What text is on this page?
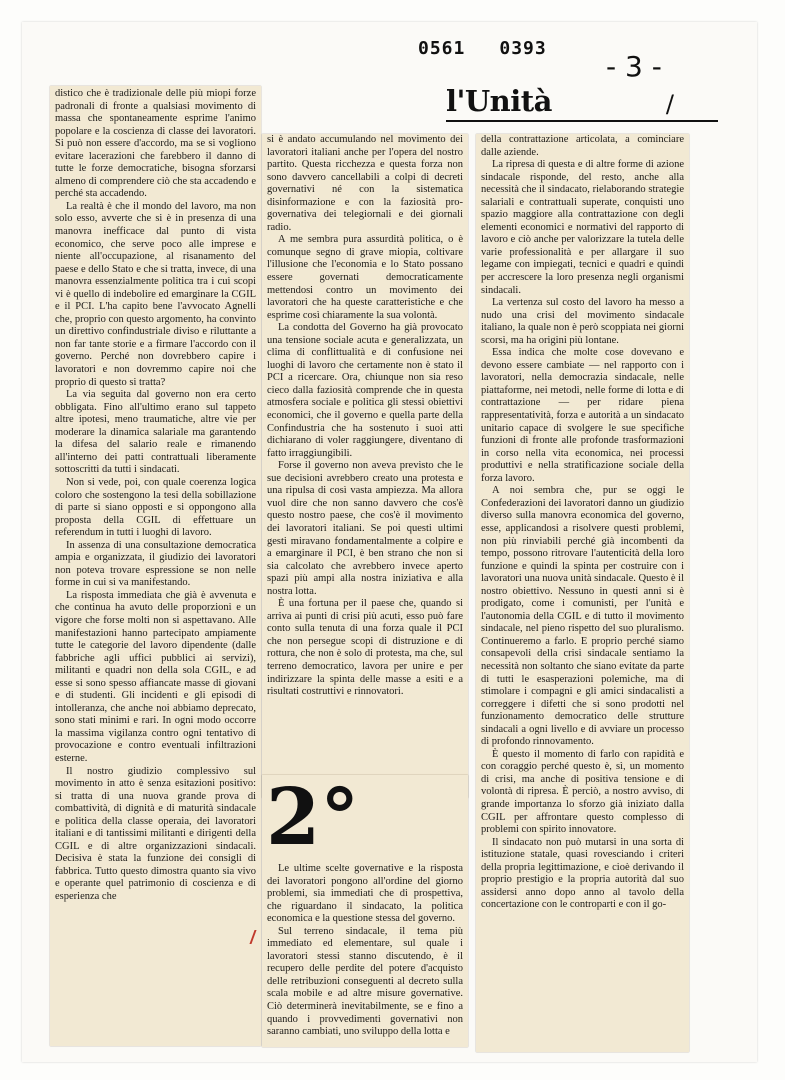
0561 0393
- 3 -
l'Unità	/

distico che è tradizionale delle più miopi forze padronali di fronte a qualsiasi movimento di massa che spontaneamente esprime l'animo popolare e la coscienza di classe dei lavoratori. Si può non essere d'accordo, ma se si vogliono evitare lacerazioni che farebbero il danno di tutte le forze democratiche, bisogna sforzarsi almeno di comprendere ciò che sta accadendo e perché sta accadendo.

La realtà è che il mondo del lavoro, ma non solo esso, avverte che si è in presenza di una manovra inefficace dal punto di vista economico, che serve poco alle imprese e niente all'occupazione, al risanamento del paese e dello Stato e che si tratta, invece, di una manovra essenzialmente politica tra i cui scopi vi è quello di indebolire ed emarginare la CGIL e il PCI. L'ha capito bene l'avvocato Agnelli che, proprio con questo argomento, ha convinto un direttivo confindustriale diviso e riluttante a non far tante storie e a firmare l'accordo con il governo. Perché non dovrebbero capire i lavoratori e non dovremmo capire noi che proprio di questo si tratta?

La via seguita dal governo non era certo obbligata. Fino all'ultimo erano sul tappeto altre ipotesi, meno traumatiche, altre vie per moderare la dinamica salariale ma garantendo la difesa del salario reale e rimanendo all'interno dei patti contrattuali liberamente sottoscritti da tutti i sindacati.

Non si vede, poi, con quale coerenza logica coloro che sostengono la tesi della sobillazione di parte si siano opposti e si oppongono alla proposta della CGIL di effettuare un referendum in tutti i luoghi di lavoro.

In assenza di una consultazione democratica ampia e organizzata, il giudizio dei lavoratori non poteva trovare espressione se non nelle forme in cui si va manifestando.

La risposta immediata che già è avvenuta e che continua ha avuto delle proporzioni e un vigore che forse molti non si aspettavano. Alle manifestazioni hanno partecipato ampiamente tutte le categorie del lavoro dipendente (dalle fabbriche agli uffici pubblici ai servizi), militanti e quadri non della sola CGIL, e ad esse si sono spesso affiancate masse di giovani e di studenti. Gli incidenti e gli episodi di intolleranza, che anche noi abbiamo deprecato, sono stati minimi e rari. In ogni modo occorre la massima vigilanza contro ogni tentativo di provocazione e contro eventuali infiltrazioni esterne.

Il nostro giudizio complessivo sul movimento in atto è senza esitazioni positivo: si tratta di una nuova grande prova di combattività, di dignità e di maturità sindacale e politica della classe operaia, dei lavoratori italiani e di tantissimi militanti e dirigenti della CGIL e di altre organizzazioni sindacali. Decisiva è stata la funzione dei consigli di fabbrica. Tutto questo dimostra quanto sia vivo e operante quel patrimonio di coscienza e di esperienza che

si è andato accumulando nel movimento dei lavoratori italiani anche per l'opera del nostro partito. Questa ricchezza e questa forza non sono davvero cancellabili a colpi di decreti governativi né con la sistematica disinformazione e con la faziosità pro-governativa dei telegiornali e dei giornali radio.

A me sembra pura assurdità politica, o è comunque segno di grave miopia, coltivare l'illusione che l'economia e lo Stato possano essere governati democraticamente mettendosi contro un movimento dei lavoratori che ha queste caratteristiche e che esprime così chiaramente la sua volontà.

La condotta del Governo ha già provocato una tensione sociale acuta e generalizzata, un clima di conflittualità e di confusione nei luoghi di lavoro che certamente non è stato il PCI a ricercare. Ora, chiunque non sia reso cieco dalla faziosità comprende che in questa atmosfera sociale e politica gli stessi obiettivi economici, che il governo e quella parte della Confindustria che ha sostenuto i suoi atti dichiarano di voler raggiungere, diventano di fatto irraggiungibili.

Forse il governo non aveva previsto che le sue decisioni avrebbero creato una protesta e una ripulsa di così vasta ampiezza. Ma allora vuol dire che non sanno davvero che cos'è questo nostro paese, che cos'è il movimento dei lavoratori italiani. Se poi questi ultimi gesti miravano fondamentalmente a colpire e a emarginare il PCI, è ben strano che non si sia calcolato che avrebbero invece aperto spazi più ampi alla nostra iniziativa e alla nostra lotta.

È una fortuna per il paese che, quando si arriva ai punti di crisi più acuti, esso può fare conto sulla tenuta di una forza quale il PCI che non persegue scopi di distruzione e di rottura, che non è solo di protesta, ma che, sul terreno democratico, lavora per unire e per indirizzare la spinta delle masse a esiti e a risultati costruttivi e rinnovatori.

2°

Le ultime scelte governative e la risposta dei lavoratori pongono all'ordine del giorno problemi, sia immediati che di prospettiva, che riguardano il sindacato, la politica economica e la questione stessa del governo.

Sul terreno sindacale, il tema più immediato ed elementare, sul quale i lavoratori stessi stanno discutendo, è il recupero delle perdite del potere d'acquisto delle retribuzioni conseguenti al decreto sulla scala mobile e ad altre misure governative. Ciò determinerà inevitabilmente, se e fino a quando i provvedimenti governativi non saranno cambiati, uno sviluppo della lotta e

della contrattazione articolata, a cominciare dalle aziende.

La ripresa di questa e di altre forme di azione sindacale risponde, del resto, anche alla necessità che il sindacato, rielaborando strategie salariali e contrattuali superate, conquisti uno spazio maggiore alla contrattazione con degli elementi economici e normativi del rapporto di lavoro e ciò anche per valorizzare la tutela delle varie professionalità e per allargare il suo legame con impiegati, tecnici e quadri e quindi per accrescere la loro presenza negli organismi sindacali.

La vertenza sul costo del lavoro ha messo a nudo una crisi del movimento sindacale italiano, la quale non è però scoppiata nei giorni scorsi, ma ha origini più lontane.

Essa indica che molte cose dovevano e devono essere cambiate — nel rapporto con i lavoratori, nella democrazia sindacale, nelle piattaforme, nei metodi, nelle forme di lotta e di contrattazione — per ridare piena rappresentatività, forza e autorità a un sindacato unitario capace di svolgere le sue specifiche funzioni di fronte alle profonde trasformazioni in corso nella vita economica, nei processi produttivi e nella stratificazione sociale della forza lavoro.

A noi sembra che, pur se oggi le Confederazioni dei lavoratori danno un giudizio diverso sulla manovra economica del governo, esse, applicandosi a risolvere questi problemi, non più rinviabili perché già incombenti da tempo, possono ritrovare l'autenticità della loro funzione e quindi la spinta per costruire con i lavoratori una nuova unità sindacale. Questo è il nostro obiettivo. Nessuno in questi anni si è prodigato, come i comunisti, per l'unità e l'autonomia della CGIL e di tutto il movimento sindacale, nel pieno rispetto del suo pluralismo. Continueremo a farlo. E proprio perché siamo consapevoli della crisi sindacale sentiamo la necessità non soltanto che siano evitate da parte di tutti le esasperazioni polemiche, ma di stimolare i compagni e gli amici sindacalisti a correggere i difetti che si sono prodotti nel funzionamento democratico delle strutture sindacali a ogni livello e di avviare un processo di profondo rinnovamento.

È questo il momento di farlo con rapidità e con coraggio perché questo è, sì, un momento di crisi, ma anche di positiva tensione e di volontà di ripresa. È perciò, a nostro avviso, di grande importanza lo sforzo già iniziato dalla CGIL per affrontare questo complesso di problemi con spirito innovatore.

Il sindacato non può mutarsi in una sorta di istituzione statale, quasi rovesciando i criteri della propria legittimazione, e cioè derivando il proprio prestigio e la propria autorità dal suo assidersi anno dopo anno al tavolo della concertazione con le controparti e con il go-
